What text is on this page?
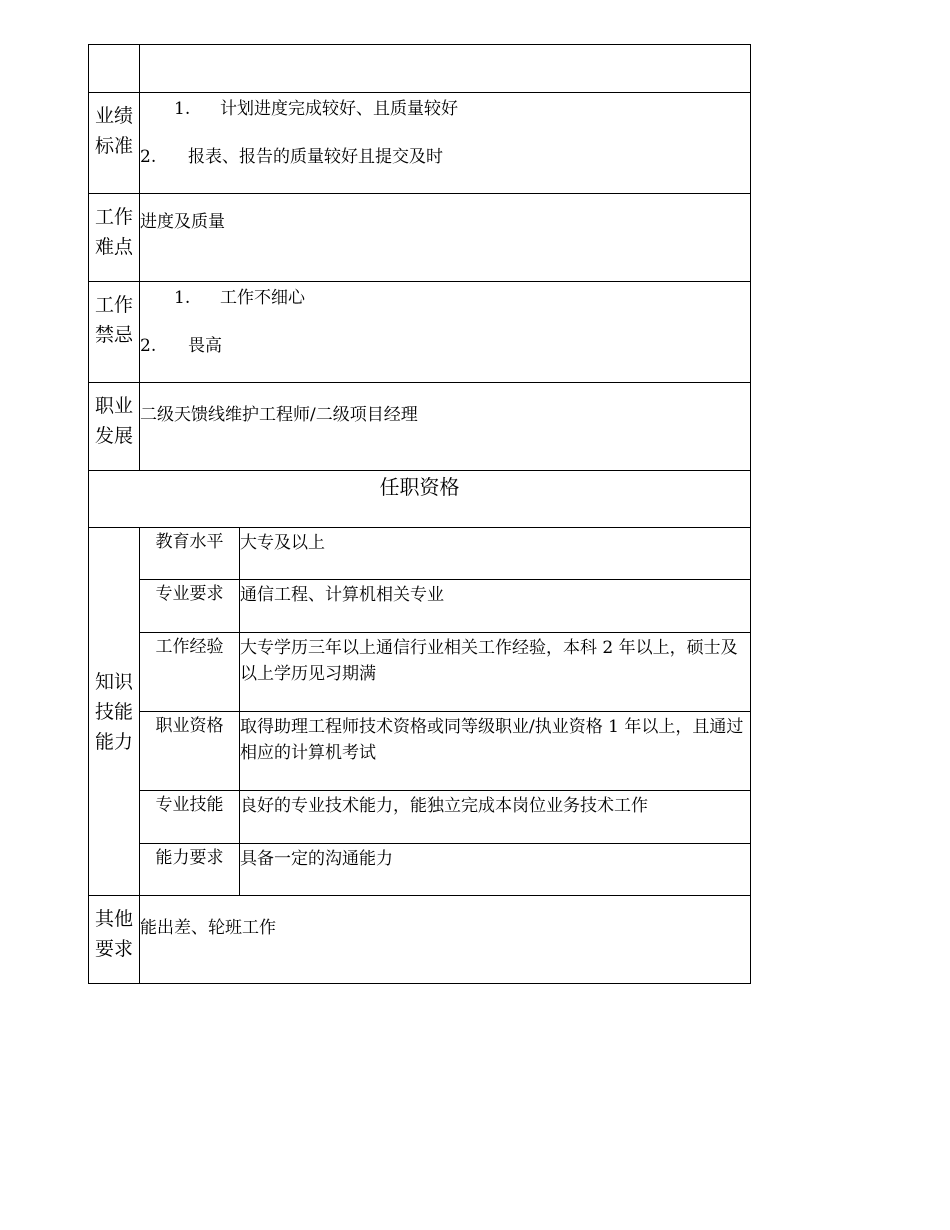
业绩
标准	1. 计划进度完成较好、且质量较好
2. 报表、报告的质量较好且提交及时	

工作
难点	进度及质量	

工作
禁忌	1. 工作不细心
2. 畏高	

职业
发展	二级天馈线维护工程师/二级项目经理	

任职资格		
知识
技能
能力	教育水平	大专及以上
	专业要求	通信工程、计算机相关专业
	工作经验	大专学历三年以上通信行业相关工作经验，本科 2 年以上，硕士及以上学历见习期满
	职业资格	取得助理工程师技术资格或同等级职业/执业资格 1 年以上，且通过相应的计算机考试
	专业技能	良好的专业技术能力，能独立完成本岗位业务技术工作
	能力要求	具备一定的沟通能力
其他
要求	能出差、轮班工作	
